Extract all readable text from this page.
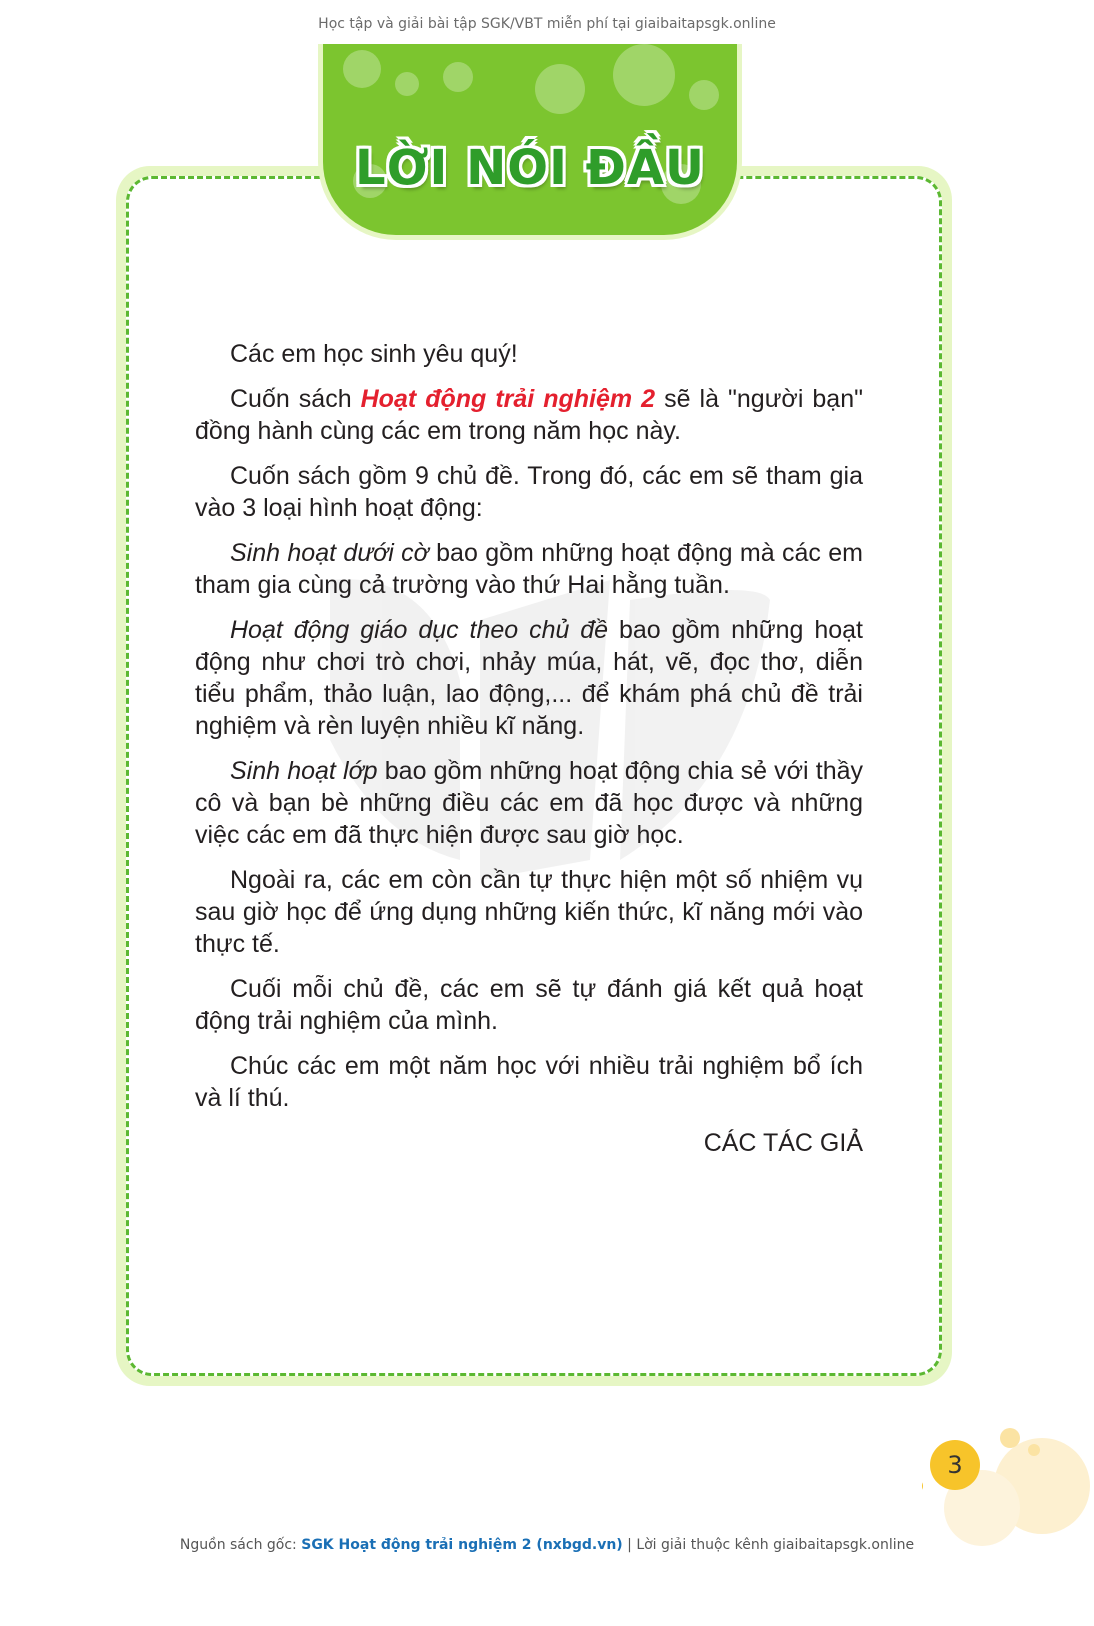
Học tập và giải bài tập SGK/VBT miễn phí tại giaibaitapsgk.online
LỜI NÓI ĐẦU

Các em học sinh yêu quý!

Cuốn sách Hoạt động trải nghiệm 2 sẽ là "người bạn" đồng hành cùng các em trong năm học này.

Cuốn sách gồm 9 chủ đề. Trong đó, các em sẽ tham gia vào 3 loại hình hoạt động:

Sinh hoạt dưới cờ bao gồm những hoạt động mà các em tham gia cùng cả trường vào thứ Hai hằng tuần.

Hoạt động giáo dục theo chủ đề bao gồm những hoạt động như chơi trò chơi, nhảy múa, hát, vẽ, đọc thơ, diễn tiểu phẩm, thảo luận, lao động,... để khám phá chủ đề trải nghiệm và rèn luyện nhiều kĩ năng.

Sinh hoạt lớp bao gồm những hoạt động chia sẻ với thầy cô và bạn bè những điều các em đã học được và những việc các em đã thực hiện được sau giờ học.

Ngoài ra, các em còn cần tự thực hiện một số nhiệm vụ sau giờ học để ứng dụng những kiến thức, kĩ năng mới vào thực tế.

Cuối mỗi chủ đề, các em sẽ tự đánh giá kết quả hoạt động trải nghiệm của mình.

Chúc các em một năm học với nhiều trải nghiệm bổ ích và lí thú.

CÁC TÁC GIẢ
3
Nguồn sách gốc: SGK Hoạt động trải nghiệm 2 (nxbgd.vn) | Lời giải thuộc kênh giaibaitapsgk.online
